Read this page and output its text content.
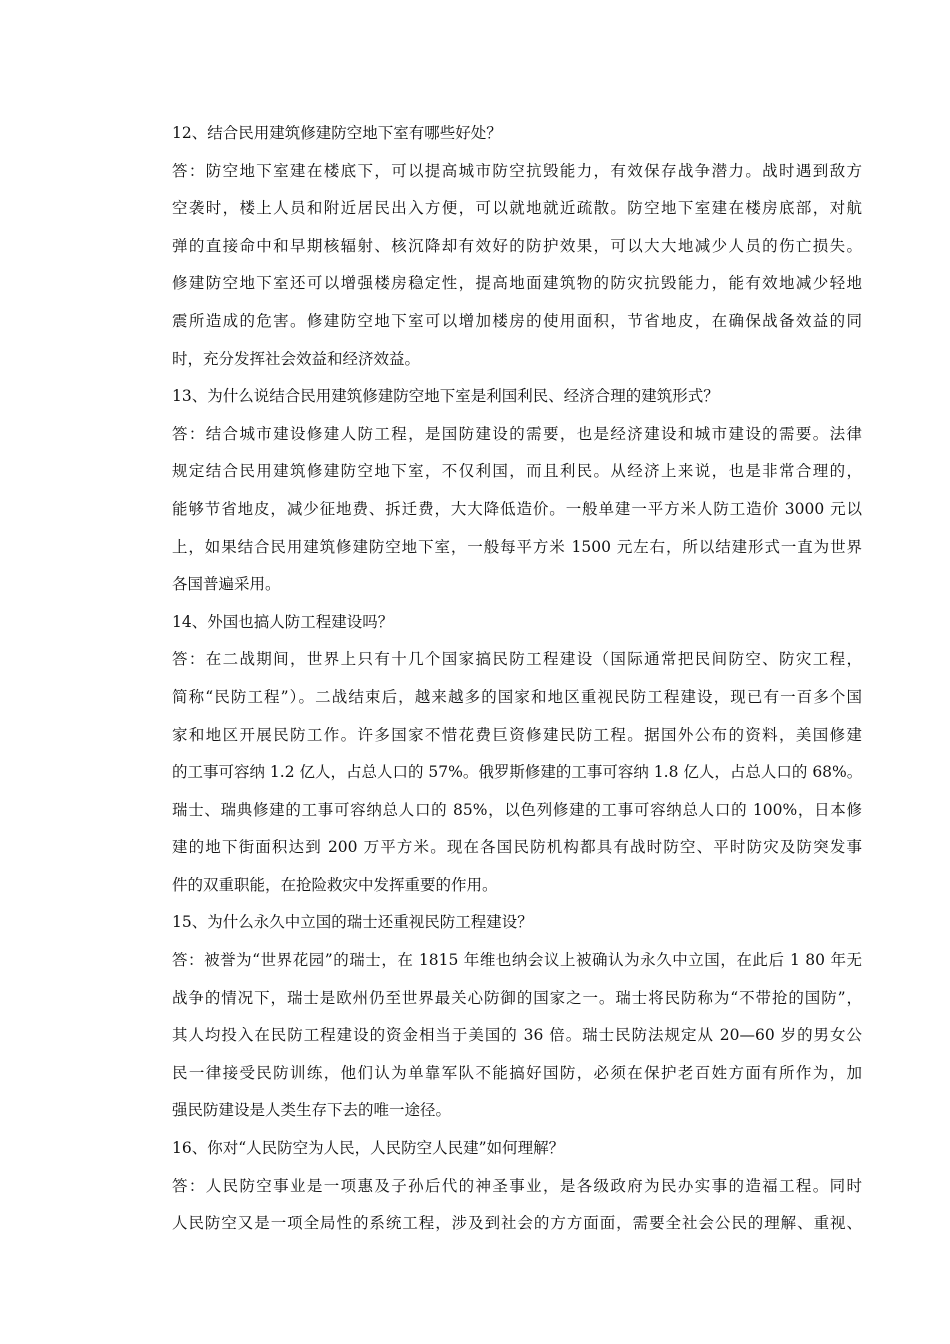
12、结合民用建筑修建防空地下室有哪些好处？
答：防空地下室建在楼底下，可以提高城市防空抗毁能力，有效保存战争潜力。战时遇到敌方
空袭时，楼上人员和附近居民出入方便，可以就地就近疏散。防空地下室建在楼房底部，对航
弹的直接命中和早期核辐射、核沉降却有效好的防护效果，可以大大地减少人员的伤亡损失。
修建防空地下室还可以增强楼房稳定性，提高地面建筑物的防灾抗毁能力，能有效地减少轻地
震所造成的危害。修建防空地下室可以增加楼房的使用面积，节省地皮，在确保战备效益的同
时，充分发挥社会效益和经济效益。
13、为什么说结合民用建筑修建防空地下室是利国利民、经济合理的建筑形式？
答：结合城市建设修建人防工程，是国防建设的需要，也是经济建设和城市建设的需要。法律
规定结合民用建筑修建防空地下室，不仅利国，而且利民。从经济上来说，也是非常合理的，
能够节省地皮，减少征地费、拆迁费，大大降低造价。一般单建一平方米人防工造价 3000 元以
上，如果结合民用建筑修建防空地下室，一般每平方米 1500 元左右，所以结建形式一直为世界
各国普遍采用。
14、外国也搞人防工程建设吗？
答：在二战期间，世界上只有十几个国家搞民防工程建设（国际通常把民间防空、防灾工程，
简称“民防工程”）。二战结束后，越来越多的国家和地区重视民防工程建设，现已有一百多个国
家和地区开展民防工作。许多国家不惜花费巨资修建民防工程。据国外公布的资料，美国修建
的工事可容纳 1.2 亿人，占总人口的 57%。俄罗斯修建的工事可容纳 1.8 亿人，占总人口的 68%。
瑞士、瑞典修建的工事可容纳总人口的 85%，以色列修建的工事可容纳总人口的 100%，日本修
建的地下街面积达到 200 万平方米。现在各国民防机构都具有战时防空、平时防灾及防突发事
件的双重职能，在抢险救灾中发挥重要的作用。
15、为什么永久中立国的瑞士还重视民防工程建设？
答：被誉为“世界花园”的瑞士，在 1815 年维也纳会议上被确认为永久中立国，在此后 1 80 年无
战争的情况下，瑞士是欧州仍至世界最关心防御的国家之一。瑞士将民防称为“不带抢的国防”，
其人均投入在民防工程建设的资金相当于美国的 36 倍。瑞士民防法规定从 20—60 岁的男女公
民一律接受民防训练，他们认为单靠军队不能搞好国防，必须在保护老百姓方面有所作为，加
强民防建设是人类生存下去的唯一途径。
16、你对“人民防空为人民，人民防空人民建”如何理解？
答：人民防空事业是一项惠及子孙后代的神圣事业，是各级政府为民办实事的造福工程。同时
人民防空又是一项全局性的系统工程，涉及到社会的方方面面，需要全社会公民的理解、重视、
